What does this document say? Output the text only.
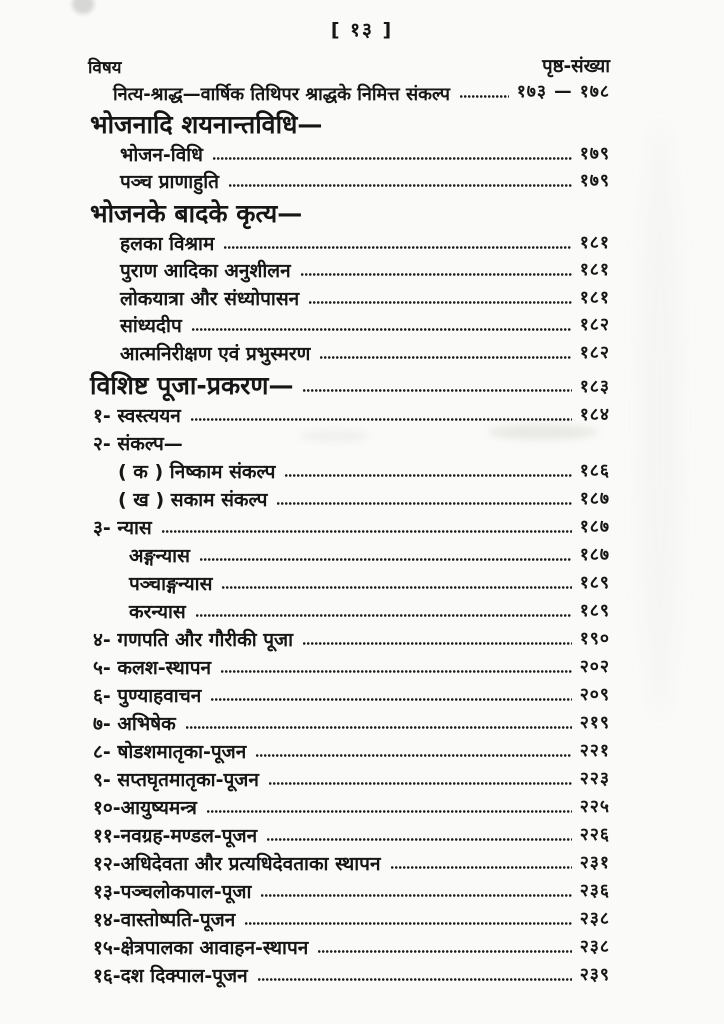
[ १३ ]
विषय	पृष्ठ-संख्या
नित्य-श्राद्ध—वार्षिक तिथिपर श्राद्धके निमित्त संकल्प	१७३ — १७८
भोजनादि शयनान्तविधि—
भोजन-विधि	१७९
पञ्च प्राणाहुति	१७९
भोजनके बादके कृत्य—
हलका विश्राम	१८१
पुराण आदिका अनुशीलन	१८१
लोकयात्रा और संध्योपासन	१८१
सांध्यदीप	१८२
आत्मनिरीक्षण एवं प्रभुस्मरण	१८२
विशिष्ट पूजा-प्रकरण—	१८३
१- स्वस्त्ययन	१८४
२- संकल्प—
( क ) निष्काम संकल्प	१८६
( ख ) सकाम संकल्प	१८७
३- न्यास	१८७
अङ्गन्यास	१८७
पञ्चाङ्गन्यास	१८९
करन्यास	१८९
४- गणपति और गौरीकी पूजा	१९०
५- कलश-स्थापन	२०२
६- पुण्याहवाचन	२०९
७- अभिषेक	२१९
८- षोडशमातृका-पूजन	२२१
९- सप्तघृतमातृका-पूजन	२२३
१०-आयुष्यमन्त्र	२२५
११-नवग्रह-मण्डल-पूजन	२२६
१२-अधिदेवता और प्रत्यधिदेवताका स्थापन	२३१
१३-पञ्चलोकपाल-पूजा	२३६
१४-वास्तोष्पति-पूजन	२३८
१५-क्षेत्रपालका आवाहन-स्थापन	२३८
१६-दश दिक्पाल-पूजन	२३९
